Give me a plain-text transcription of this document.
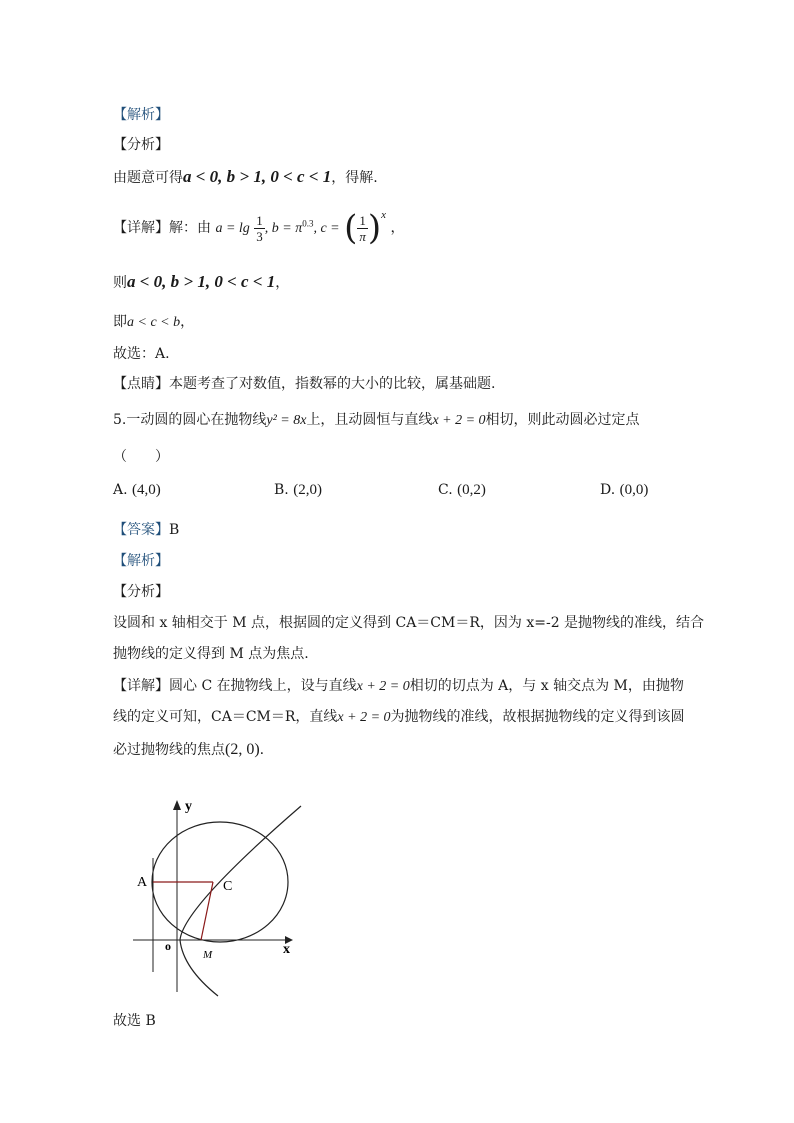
【解析】
【分析】
由题意可得a < 0, b > 1, 0 < c < 1，得解.
【详解】解：由 $a = \lg \frac{1}{3}$ , $b = \pi^{0.3}$, c = ( $\frac{1}{\pi} )^x$ ，
则a < 0, b > 1, 0 < c < 1，
即a < c < b，
故选：A.
【点睛】本题考查了对数值，指数幂的大小的比较，属基础题.
5.一动圆的圆心在抛物线y² = 8x上，且动圆恒与直线x + 2 = 0相切，则此动圆必过定点
（　　）
A. (4,0)	B. (2,0)	C. (0,2)	D. (0,0)
【答案】B
【解析】
【分析】
设圆和 x 轴相交于 M 点，根据圆的定义得到 CA＝CM＝R，因为 x=-2 是抛物线的准线，结合
抛物线的定义得到 M 点为焦点.
【详解】圆心 C 在抛物线上，设与直线x + 2 = 0相切的切点为 A，与 x 轴交点为 M，由抛物
线的定义可知，CA＝CM＝R，直线x + 2 = 0为抛物线的准线，故根据抛物线的定义得到该圆
必过抛物线的焦点(2, 0).
y
x
A	C
o
M
故选 B
